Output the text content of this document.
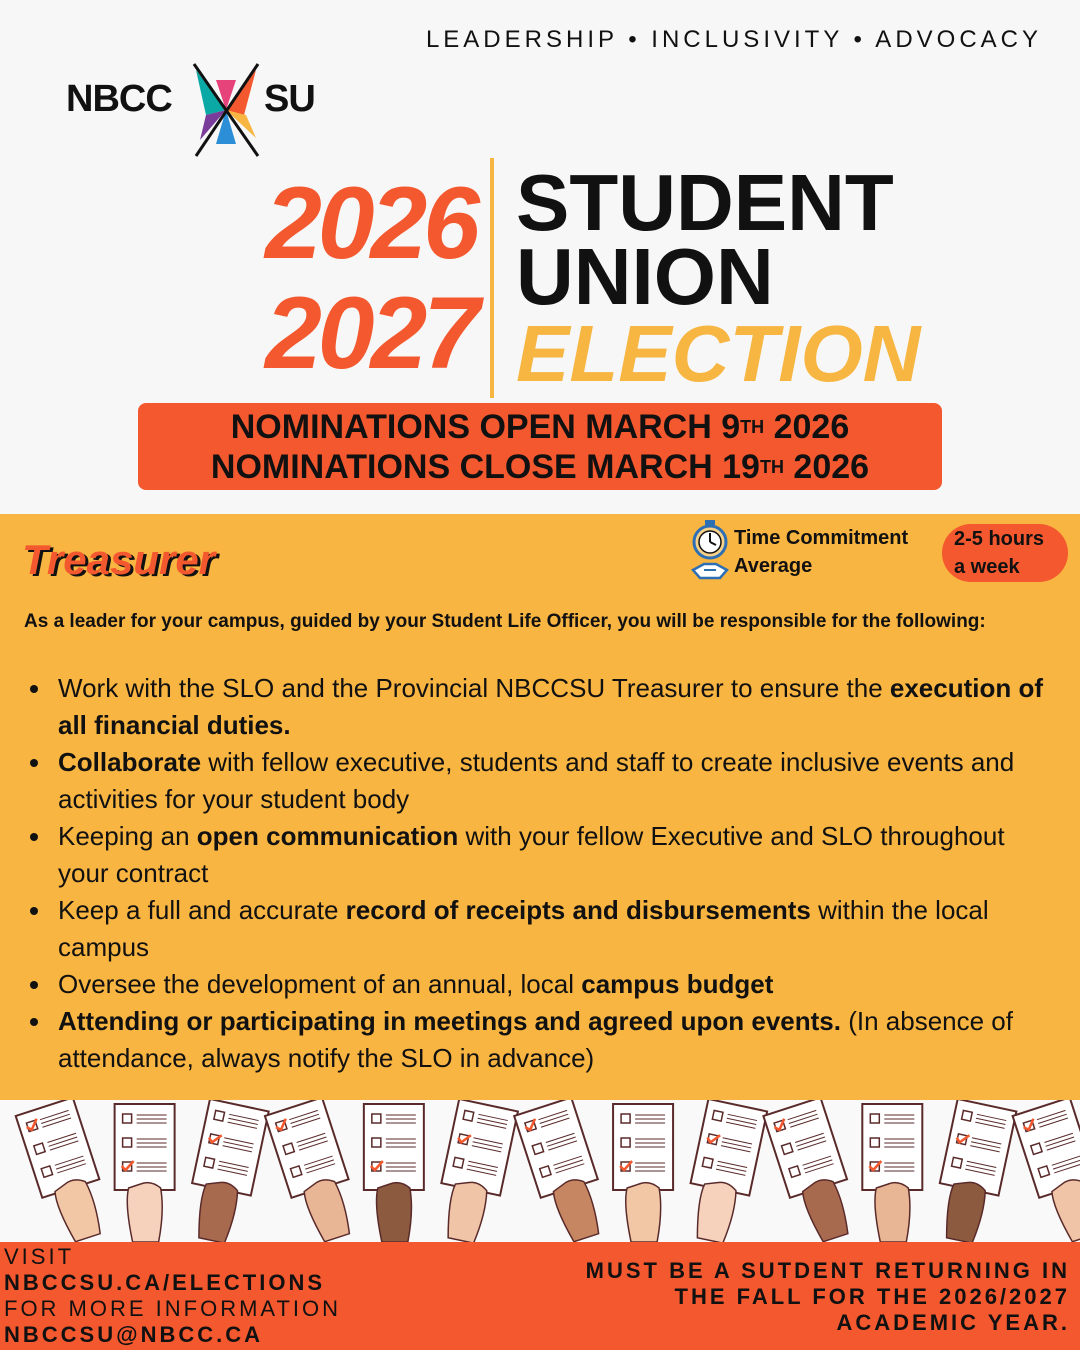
LEADERSHIP • INCLUSIVITY • ADVOCACY
NBCC SU
2026
2027
STUDENT
UNION
ELECTION
NOMINATIONS OPEN MARCH 9TH 2026
NOMINATIONS CLOSE MARCH 19TH 2026
Treasurer	Time Commitment
Average
2-5 hours
a week
As a leader for your campus, guided by your Student Life Officer, you will be responsible for the following:
Work with the SLO and the Provincial NBCCSU Treasurer to ensure the execution of all financial duties.
Collaborate with fellow executive, students and staff to create inclusive events and activities for your student body
Keeping an open communication with your fellow Executive and SLO throughout your contract
Keep a full and accurate record of receipts and disbursements within the local campus
Oversee the development of an annual, local campus budget
Attending or participating in meetings and agreed upon events. (In absence of attendance, always notify the SLO in advance)
VISIT
NBCCSU.CA/ELECTIONS
FOR MORE INFORMATION
NBCCSU@NBCC.CA
MUST BE A SUTDENT RETURNING IN
THE FALL FOR THE 2026/2027
ACADEMIC YEAR.
